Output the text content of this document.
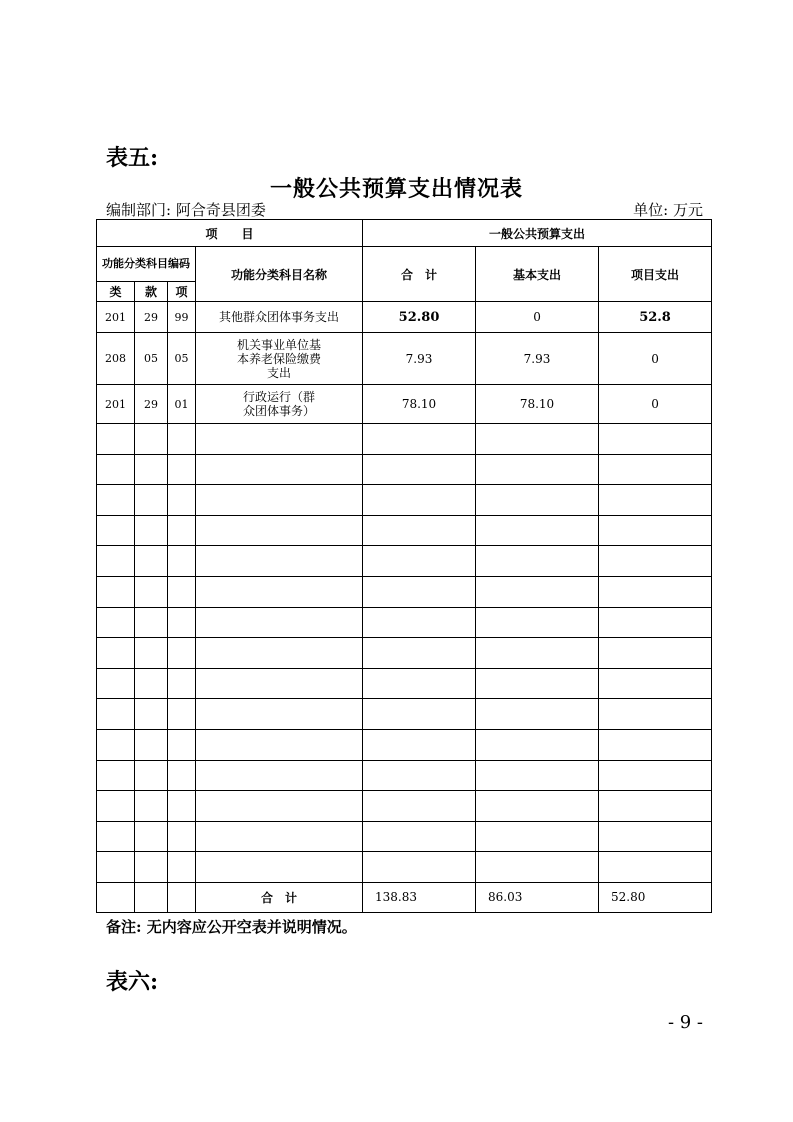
表五:
一般公共预算支出情况表
编制部门: 阿合奇县团委	单位: 万元
项　　目				一般公共预算支出		
功能分类科目编码			功能分类科目名称	合　计	基本支出	项目支出
类	款	项				
201	29	99	其他群众团体事务支出	52.80	0	52.8
208	05	05	机关事业单位基本养老保险缴费支出	7.93	7.93	0
201	29	01	行政运行（群众团体事务）	78.10	78.10	0

			合　计	138.83	86.03	52.80
备注: 无内容应公开空表并说明情况。
表六:
- 9 -
